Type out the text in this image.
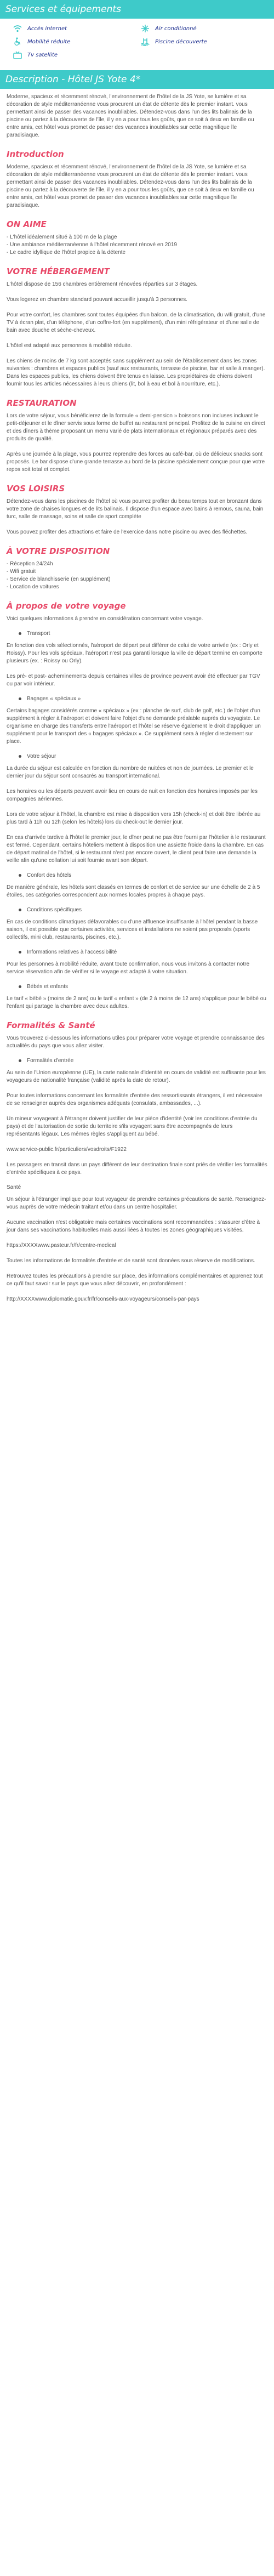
Services et équipements
Accès internet	Air conditionné
Mobilité réduite	Piscine découverte
Tv satellite
Description - Hôtel JS Yote 4*

Moderne, spacieux et récemment rénové, l'environnement de l'hôtel de la JS Yote, se lumière et sa décoration de style méditerranéenne vous procurent un état de détente dès le premier instant. vous permettant ainsi de passer des vacances inoubliables. Détendez-vous dans l'un des lits balinais de la piscine ou partez à la découverte de l'île, il y en a pour tous les goûts, que ce soit à deux en famille ou entre amis, cet hôtel vous promet de passer des vacances inoubliables sur cette magnifique île paradisiaque.

Introduction

Moderne, spacieux et récemment rénové, l'environnement de l'hôtel de la JS Yote, se lumière et sa décoration de style méditerranéenne vous procurent un état de détente dès le premier instant. vous permettant ainsi de passer des vacances inoubliables. Détendez-vous dans l'un des lits balinais de la piscine ou partez à la découverte de l'île, il y en a pour tous les goûts, que ce soit à deux en famille ou entre amis, cet hôtel vous promet de passer des vacances inoubliables sur cette magnifique île paradisiaque.

ON AIME
- L'hôtel idéalement situé à 100 m de la plage
- Une ambiance méditerranéenne à l'hôtel récemment rénové en 2019
- Le cadre idyllique de l'hôtel propice à la détente
VOTRE HÉBERGEMENT

L'hôtel dispose de 156 chambres entièrement rénovées réparties sur 3 étages.

Vous logerez en chambre standard pouvant accueillir jusqu'à 3 personnes.

Pour votre confort, les chambres sont toutes équipées d'un balcon, de la climatisation, du wifi gratuit, d'une TV à écran plat, d'un téléphone, d'un coffre-fort (en supplément), d'un mini réfrigérateur et d'une salle de bain avec douche et sèche-cheveux.

L'hôtel est adapté aux personnes à mobilité réduite.

Les chiens de moins de 7 kg sont acceptés sans supplément au sein de l'établissement dans les zones suivantes : chambres et espaces publics (sauf aux restaurants, terrasse de piscine, bar et salle à manger). Dans les espaces publics, les chiens doivent être tenus en laisse. Les propriétaires de chiens doivent fournir tous les articles nécessaires à leurs chiens (lit, bol à eau et bol à nourriture, etc.).

RESTAURATION

Lors de votre séjour, vous bénéficierez de la formule « demi-pension » boissons non incluses incluant le petit-déjeuner et le dîner servis sous forme de buffet au restaurant principal. Profitez de la cuisine en direct et des dîners à thème proposant un menu varié de plats internationaux et régionaux préparés avec des produits de qualité.

Après une journée à la plage, vous pourrez reprendre des forces au café-bar, où de délicieux snacks sont proposés. Le bar dispose d'une grande terrasse au bord de la piscine spécialement conçue pour que votre repos soit total et complet.

VOS LOISIRS

Détendez-vous dans les piscines de l'hôtel où vous pourrez profiter du beau temps tout en bronzant dans votre zone de chaises longues et de lits balinais. Il dispose d'un espace avec bains à remous, sauna, bain turc, salle de massage, soins et salle de sport complète

Vous pouvez profiter des attractions et faire de l'exercice dans notre piscine ou avec des fléchettes.

À VOTRE DISPOSITION
- Réception 24/24h
- Wifi gratuit
- Service de blanchisserie (en supplément)
- Location de voitures
À propos de votre voyage

Voici quelques informations à prendre en considération concernant votre voyage.

Transport

En fonction des vols sélectionnés, l'aéroport de départ peut différer de celui de votre arrivée (ex : Orly et Roissy). Pour les vols spéciaux, l'aéroport n'est pas garanti lorsque la ville de départ termine en comporte plusieurs (ex. : Roissy ou Orly).

Les pré- et post- acheminements depuis certaines villes de province peuvent avoir été effectuer par TGV ou par voir intérieur.

Bagages « spéciaux »

Certains bagages considérés comme « spéciaux » (ex : planche de surf, club de golf, etc.) de l'objet d'un supplément à régler à l'aéroport et doivent faire l'objet d'une demande préalable auprès du voyagiste. Le organisme en charge des transferts entre l'aéroport et l'hôtel se réserve également le droit d'appliquer un supplément pour le transport des « bagages spéciaux ». Ce supplément sera à régler directement sur place.

Votre séjour

La durée du séjour est calculée en fonction du nombre de nuitées et non de journées. Le premier et le dernier jour du séjour sont consacrés au transport international.

Les horaires ou les départs peuvent avoir lieu en cours de nuit en fonction des horaires imposés par les compagnies aériennes.

Lors de votre séjour à l'hôtel, la chambre est mise à disposition vers 15h (check-in) et doit être libérée au plus tard à 11h ou 12h (selon les hôtels) lors du check-out le dernier jour.

En cas d'arrivée tardive à l'hôtel le premier jour, le dîner peut ne pas être fourni par l'hôtelier à le restaurant est fermé. Cependant, certains hôteliers mettent à disposition une assiette froide dans la chambre. En cas de départ matinal de l'hôtel, si le restaurant n'est pas encore ouvert, le client peut faire une demande la veille afin qu'une collation lui soit fournie avant son départ.

Confort des hôtels

De manière générale, les hôtels sont classés en termes de confort et de service sur une échelle de 2 à 5 étoiles, ces catégories correspondent aux normes locales propres à chaque pays.

Conditions spécifiques

En cas de conditions climatiques défavorables ou d'une affluence insuffisante à l'hôtel pendant la basse saison, il est possible que certaines activités, services et installations ne soient pas proposés (sports collectifs, mini club, restaurants, piscines, etc.).

Informations relatives à l'accessibilité

Pour les personnes à mobilité réduite, avant toute confirmation, nous vous invitons à contacter notre service réservation afin de vérifier si le voyage est adapté à votre situation.

Bébés et enfants

Le tarif « bébé » (moins de 2 ans) ou le tarif « enfant » (de 2 à moins de 12 ans) s'applique pour le bébé ou l'enfant qui partage la chambre avec deux adultes.

Formalités & Santé

Vous trouverez ci-dessous les informations utiles pour préparer votre voyage et prendre connaissance des actualités du pays que vous allez visiter.

Formalités d'entrée

Au sein de l'Union européenne (UE), la carte nationale d'identité en cours de validité est suffisante pour les voyageurs de nationalité française (validité après la date de retour).

Pour toutes informations concernant les formalités d'entrée des ressortissants étrangers, il est nécessaire de se renseigner auprès des organismes adéquats (consulats, ambassades, ...).

Un mineur voyageant à l'étranger doivent justifier de leur pièce d'identité (voir les conditions d'entrée du pays) et de l'autorisation de sortie du territoire s'ils voyagent sans être accompagnés de leurs représentants légaux. Les mêmes règles s'appliquent au bébé.

www.service-public.fr/particuliers/vosdroits/F1922

Les passagers en transit dans un pays différent de leur destination finale sont priés de vérifier les formalités d'entrée spécifiques à ce pays.

Santé

Un séjour à l'étranger implique pour tout voyageur de prendre certaines précautions de santé. Renseignez-vous auprès de votre médecin traitant et/ou dans un centre hospitalier.

Aucune vaccination n'est obligatoire mais certaines vaccinations sont recommandées : s'assurer d'être à jour dans ses vaccinations habituelles mais aussi liées à toutes les zones géographiques visitées.

https://XXXXwww.pasteur.fr/fr/centre-medical

Toutes les informations de formalités d'entrée et de santé sont données sous réserve de modifications.

Retrouvez toutes les précautions à prendre sur place, des informations complémentaires et apprenez tout ce qu'il faut savoir sur le pays que vous allez découvrir, en profondément :

http://XXXXwww.diplomatie.gouv.fr/fr/conseils-aux-voyageurs/conseils-par-pays
